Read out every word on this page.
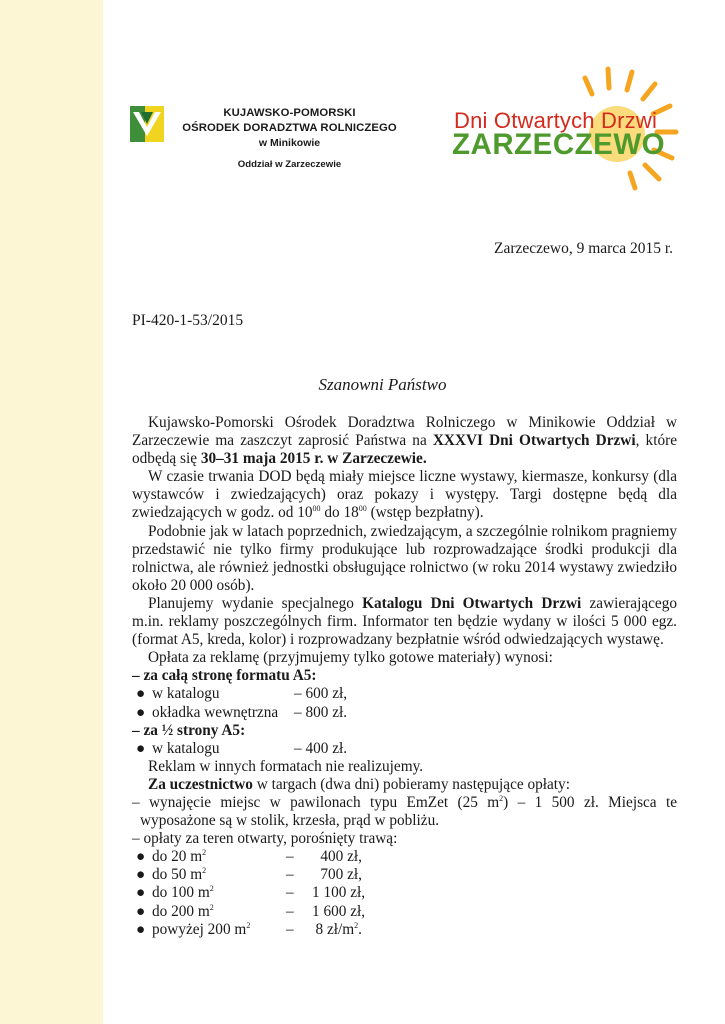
KUJAWSKO-POMORSKI
OŚRODEK DORADZTWA ROLNICZEGO
w Minikowie
Oddział w Zarzeczewie
Dni Otwartych Drzwi
ZARZECZEWO
Zarzeczewo, 9 marca 2015 r.
PI-420-1-53/2015
Szanowni Państwo

Kujawsko-Pomorski Ośrodek Doradztwa Rolniczego w Minikowie Oddział w Zarzeczewie ma zaszczyt zaprosić Państwa na XXXVI Dni Otwartych Drzwi, które odbędą się 30–31 maja 2015 r. w Zarzeczewie.

W czasie trwania DOD będą miały miejsce liczne wystawy, kiermasze, konkursy (dla wystawców i zwiedzających) oraz pokazy i występy. Targi dostępne będą dla zwiedzających w godz. od $10^{00}$ do $18^{00}$ (wstęp bezpłatny).

Podobnie jak w latach poprzednich, zwiedzającym, a szczególnie rolnikom pragniemy przedstawić nie tylko firmy produkujące lub rozprowadzające środki produkcji dla rolnictwa, ale również jednostki obsługujące rolnictwo (w roku 2014 wystawy zwiedziło około 20 000 osób).

Planujemy wydanie specjalnego Katalogu Dni Otwartych Drzwi zawierającego m.in. reklamy poszczególnych firm. Informator ten będzie wydany w ilości 5 000 egz. (format A5, kreda, kolor) i rozprowadzany bezpłatnie wśród odwiedzających wystawę.

Opłata za reklamę (przyjmujemy tylko gotowe materiały) wynosi:

– za całą stronę formatu A5:
● w katalogu	– 600 zł,
● okładka wewnętrzna	– 800 zł.
– za ½ strony A5:
● w katalogu	– 400 zł.

Reklam w innych formatach nie realizujemy.

Za uczestnictwo w targach (dwa dni) pobieramy następujące opłaty:

– wynajęcie miejsc w pawilonach typu EmZet (25 $m^2) - 1$ 500 zł. Miejsca te wyposażone są w stolik, krzesła, prąd w pobliżu.
– opłaty za teren otwarty, porośnięty trawą:
● do 20 $m^2$	–	400 zł,
● do 50 $m^2$	–	700 zł,
● do 100 $m^2$	–	1 100 zł,
● do 200 $m^2$	–	1 600 zł,
● powyżej 200 $m^2$	–	8 $zł/m^2$.
